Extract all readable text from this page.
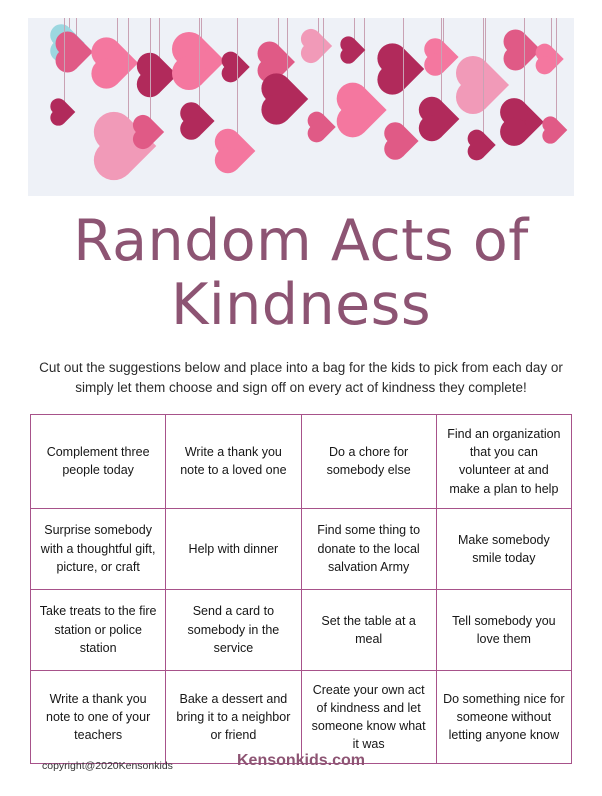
Random Acts of
Kindness
Cut out the suggestions below and place into a bag for the kids to pick from each day or simply let them choose and sign off on every act of kindness they complete!
Complement three people today	Write a thank you note to a loved one	Do a chore for somebody else	Find an organization that you can volunteer at and make a plan to help
Surprise somebody with a thoughtful gift, picture, or craft	Help with dinner	Find some thing to donate to the local salvation Army	Make somebody smile today
Take treats to the fire station or police station	Send a card to somebody in the service	Set the table at a meal	Tell somebody you love them
Write a thank you note to one of your teachers	Bake a dessert and bring it to a neighbor or friend	Create your own act of kindness and let someone know what it was	Do something nice for someone without letting anyone know
copyright@2020Kensonkids	Kensonkids.com
